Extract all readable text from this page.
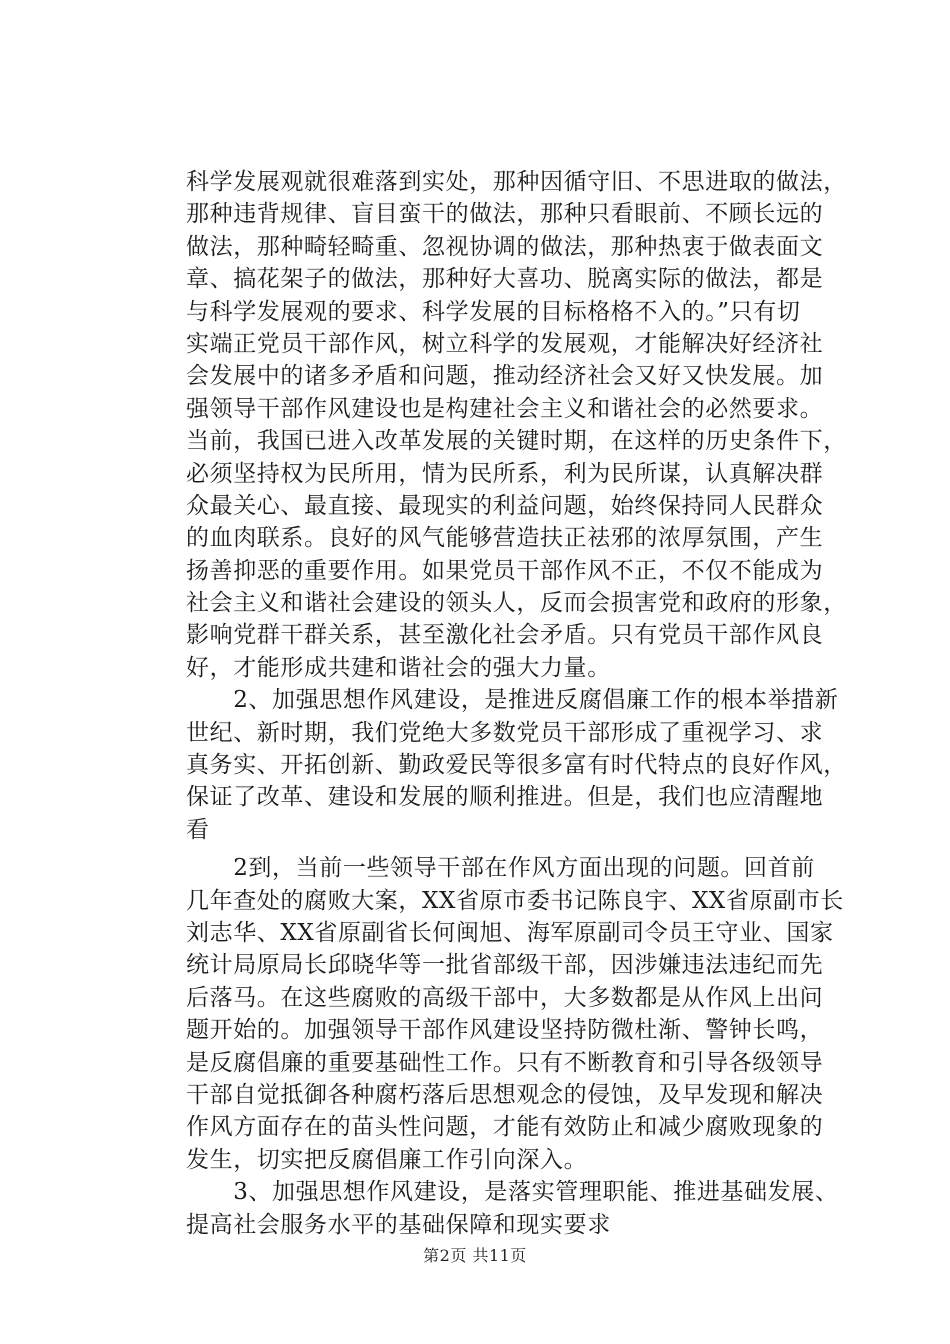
科学发展观就很难落到实处，那种因循守旧、不思进取的做法，
那种违背规律、盲目蛮干的做法，那种只看眼前、不顾长远的
做法，那种畸轻畸重、忽视协调的做法，那种热衷于做表面文
章、搞花架子的做法，那种好大喜功、脱离实际的做法，都是
与科学发展观的要求、科学发展的目标格格不入的。”只有切
实端正党员干部作风，树立科学的发展观，才能解决好经济社
会发展中的诸多矛盾和问题，推动经济社会又好又快发展。加
强领导干部作风建设也是构建社会主义和谐社会的必然要求。
当前，我国已进入改革发展的关键时期，在这样的历史条件下，
必须坚持权为民所用，情为民所系，利为民所谋，认真解决群
众最关心、最直接、最现实的利益问题，始终保持同人民群众
的血肉联系。良好的风气能够营造扶正祛邪的浓厚氛围，产生
扬善抑恶的重要作用。如果党员干部作风不正，不仅不能成为
社会主义和谐社会建设的领头人，反而会损害党和政府的形象，
影响党群干群关系，甚至激化社会矛盾。只有党员干部作风良
好，才能形成共建和谐社会的强大力量。
　　2、加强思想作风建设，是推进反腐倡廉工作的根本举措新
世纪、新时期，我们党绝大多数党员干部形成了重视学习、求
真务实、开拓创新、勤政爱民等很多富有时代特点的良好作风，
保证了改革、建设和发展的顺利推进。但是，我们也应清醒地
看
　　2到，当前一些领导干部在作风方面出现的问题。回首前
几年查处的腐败大案，XX省原市委书记陈良宇、XX省原副市长
刘志华、XX省原副省长何闽旭、海军原副司令员王守业、国家
统计局原局长邱晓华等一批省部级干部，因涉嫌违法违纪而先
后落马。在这些腐败的高级干部中，大多数都是从作风上出问
题开始的。加强领导干部作风建设坚持防微杜渐、警钟长鸣，
是反腐倡廉的重要基础性工作。只有不断教育和引导各级领导
干部自觉抵御各种腐朽落后思想观念的侵蚀，及早发现和解决
作风方面存在的苗头性问题，才能有效防止和减少腐败现象的
发生，切实把反腐倡廉工作引向深入。
　　3、加强思想作风建设，是落实管理职能、推进基础发展、
提高社会服务水平的基础保障和现实要求
第2页 共11页
